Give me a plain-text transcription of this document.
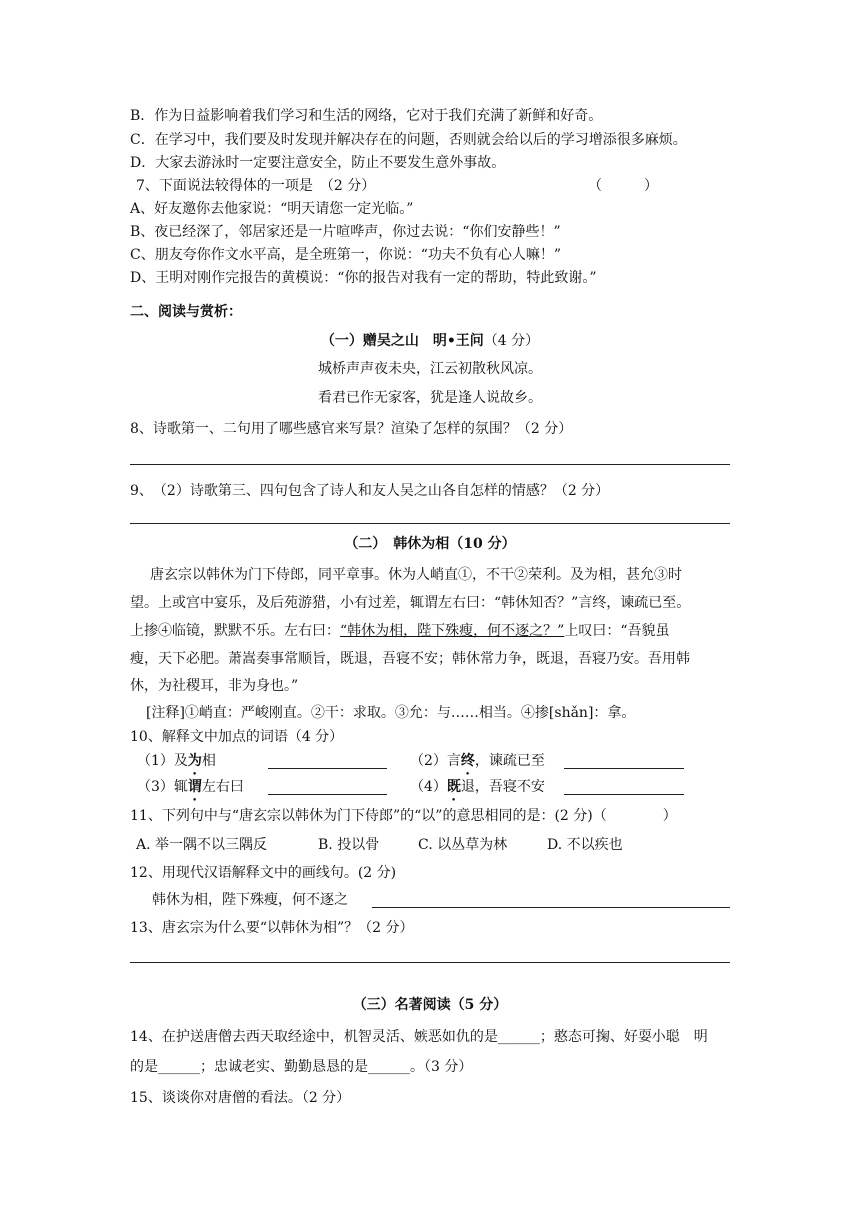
B．作为日益影响着我们学习和生活的网络，它对于我们充满了新鲜和好奇。
C．在学习中，我们要及时发现并解决存在的问题，否则就会给以后的学习增添很多麻烦。
D．大家去游泳时一定要注意安全，防止不要发生意外事故。
7、下面说法较得体的一项是　（2 分）	（　　　）
A、好友邀你去他家说：“明天请您一定光临。”
B、夜已经深了，邻居家还是一片喧哗声，你过去说：“你们安静些！”
C、朋友夸你作文水平高，是全班第一，你说：“功夫不负有心人嘛！”
D、王明对刚作完报告的黄模说：“你的报告对我有一定的帮助，特此致谢。”
二、阅读与赏析：
（一）赠吴之山　明•王问（4 分）
城桥声声夜未央，江云初散秋风凉。
看君已作无家客，犹是逢人说故乡。
8、诗歌第一、二句用了哪些感官来写景？渲染了怎样的氛围？（2 分）
9、　（2）诗歌第三、四句包含了诗人和友人吴之山各自怎样的情感？（2 分）
（二）　韩休为相（10 分）
唐玄宗以韩休为门下侍郎，同平章事。休为人峭直①，不干②荣利。及为相，甚允③时
望。上或宫中宴乐，及后苑游猎，小有过差，辄谓左右曰：“韩休知否？”言终，谏疏已至。
上掺④临镜，默默不乐。左右曰：“韩休为相，陛下殊瘦，何不逐之？”上叹曰：“吾貌虽
瘦，天下必肥。萧嵩奏事常顺旨，既退，吾寝不安；韩休常力争，既退，吾寝乃安。吾用韩
休，为社稷耳，非为身也。”
[注释]①峭直：严峻刚直。②干：求取。③允：与……相当。④掺[shǎn]：拿。
10、解释文中加点的词语（4 分）
（1）及为相	（2）言终，谏疏已至
（3）辄谓左右曰	（4）既退，吾寝不安
11、下列句中与“唐玄宗以韩休为门下侍郎”的“以”的意思相同的是：(2 分)（　　　　）
A. 举一隅不以三隅反	B. 投以骨	C. 以丛草为林	D. 不以疾也
12、用现代汉语解释文中的画线句。(2 分)
韩休为相，陛下殊瘦，何不逐之
13、唐玄宗为什么要“以韩休为相”？（2 分）
（三）名著阅读（5 分）
14、在护送唐僧去西天取经途中，机智灵活、嫉恶如仇的是______；憨态可掬、好耍小聪　明
的是______；忠诚老实、勤勤恳恳的是______。（3 分）
15、谈谈你对唐僧的看法。（2 分）
